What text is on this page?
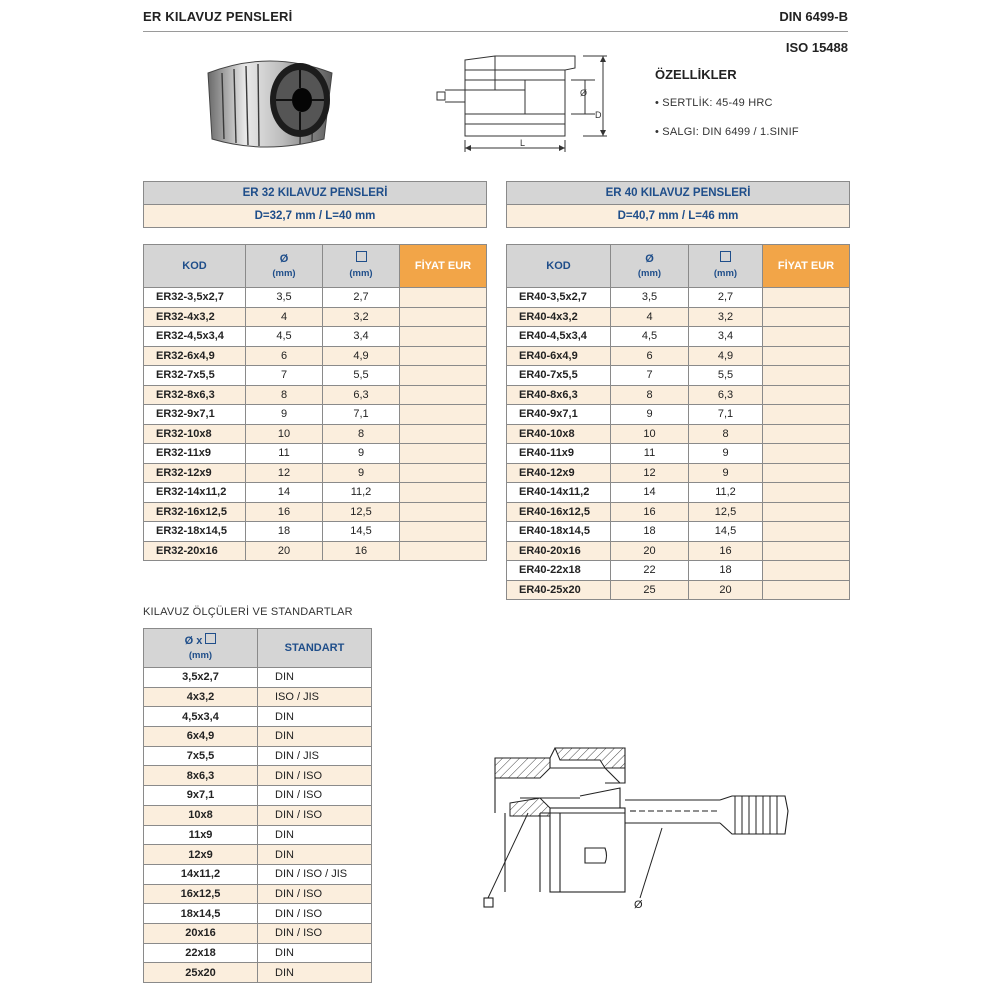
ER KILAVUZ PENSLERİ	DIN 6499-B
ISO 15488
Ø
D
L
ÖZELLİKLER
• SERTLİK: 45-49 HRC
• SALGI: DIN 6499 / 1.SINIF
ER 32 KILAVUZ PENSLERİ
D=32,7 mm / L=40 mm
ER 40 KILAVUZ PENSLERİ
D=40,7 mm / L=46 mm
KOD	Ø
(mm)	(mm)	FİYAT EUR
ER32-3,5x2,7	3,5	2,7	
ER32-4x3,2	4	3,2	
ER32-4,5x3,4	4,5	3,4	
ER32-6x4,9	6	4,9	
ER32-7x5,5	7	5,5	
ER32-8x6,3	8	6,3	
ER32-9x7,1	9	7,1	
ER32-10x8	10	8	
ER32-11x9	11	9	
ER32-12x9	12	9	
ER32-14x11,2	14	11,2	
ER32-16x12,5	16	12,5	
ER32-18x14,5	18	14,5	
ER32-20x16	20	16	
KOD	Ø
(mm)	(mm)	FİYAT EUR
ER40-3,5x2,7	3,5	2,7	
ER40-4x3,2	4	3,2	
ER40-4,5x3,4	4,5	3,4	
ER40-6x4,9	6	4,9	
ER40-7x5,5	7	5,5	
ER40-8x6,3	8	6,3	
ER40-9x7,1	9	7,1	
ER40-10x8	10	8	
ER40-11x9	11	9	
ER40-12x9	12	9	
ER40-14x11,2	14	11,2	
ER40-16x12,5	16	12,5	
ER40-18x14,5	18	14,5	
ER40-20x16	20	16	
ER40-22x18	22	18	
ER40-25x20	25	20	
KILAVUZ ÖLÇÜLERİ VE STANDARTLAR
Ø x
(mm)	STANDART
3,5x2,7	DIN
4x3,2	ISO / JIS
4,5x3,4	DIN
6x4,9	DIN
7x5,5	DIN / JIS
8x6,3	DIN / ISO
9x7,1	DIN / ISO
10x8	DIN / ISO
11x9	DIN
12x9	DIN
14x11,2	DIN / ISO / JIS
16x12,5	DIN / ISO
18x14,5	DIN / ISO
20x16	DIN / ISO
22x18	DIN
25x20	DIN
Ø
